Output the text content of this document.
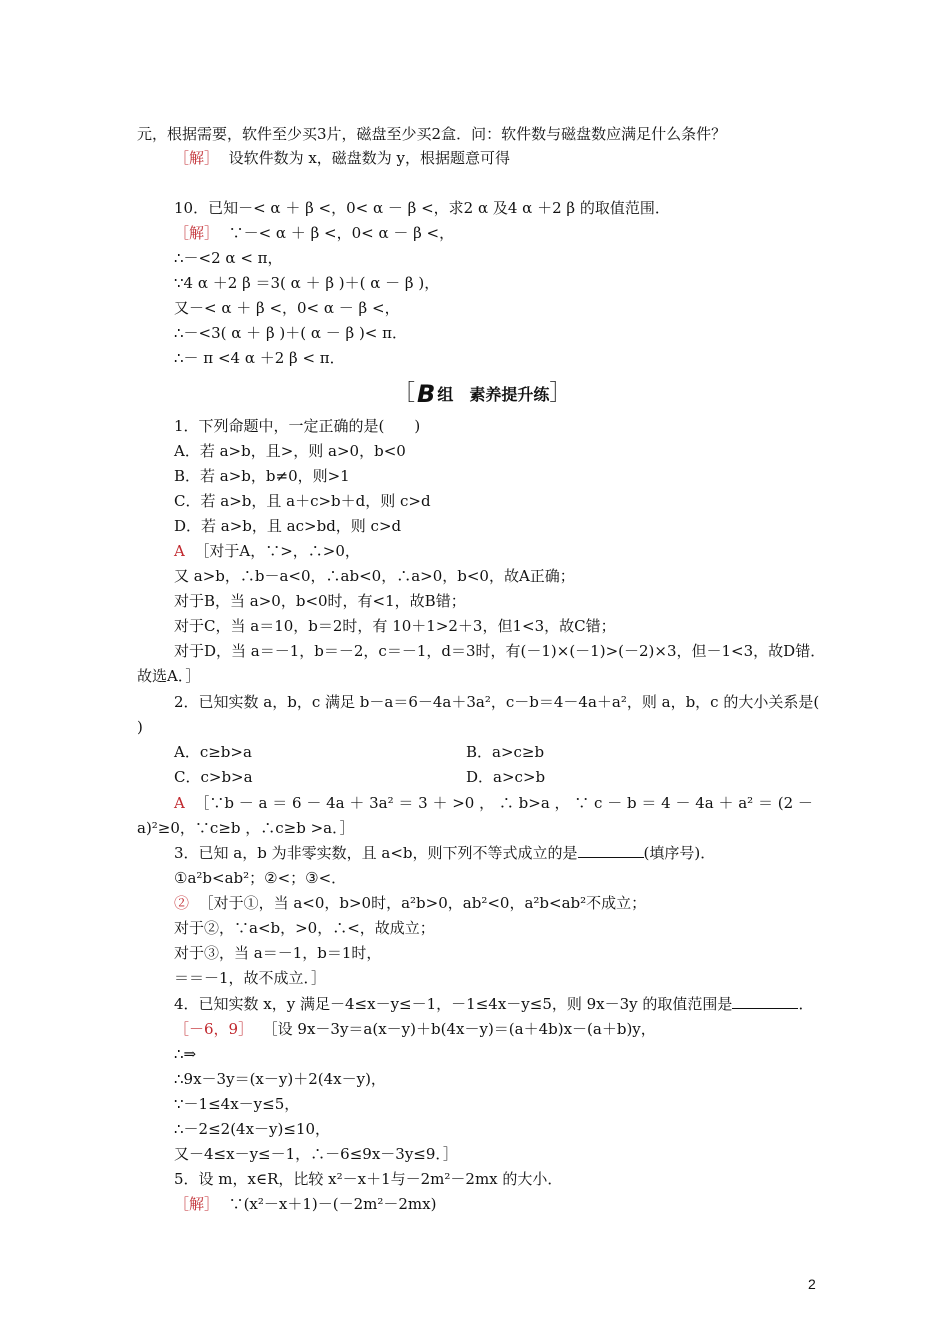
元，根据需要，软件至少买3片，磁盘至少买2盒．问：软件数与磁盘数应满足什么条件？
［解］ 设软件数为 x，磁盘数为 y，根据题意可得
10．已知－< α ＋ β <，0< α － β <，求2 α 及4 α ＋2 β 的取值范围．
［解］ ∵－< α ＋ β <，0< α － β <，
∴－<2 α < π，
∵4 α ＋2 β ＝3( α ＋ β )＋( α － β )，
又－< α ＋ β <，0< α － β <，
∴－<3( α ＋ β )＋( α － β )< π．
∴－ π <4 α ＋2 β < π．
［B 组　素养提升练］
1．下列命题中，一定正确的是(　　)
A．若 a>b，且>，则 a>0，b<0
B．若 a>b，b≠0，则>1
C．若 a>b，且 a＋c>b＋d，则 c>d
D．若 a>b，且 ac>bd，则 c>d
A ［对于A，∵>，∴>0，
又 a>b，∴b－a<0，∴ab<0，∴a>0，b<0，故A正确；
对于B，当 a>0，b<0时，有<1，故B错；
对于C，当 a＝10，b＝2时，有 10＋1>2＋3，但1<3，故C错；
对于D，当 a＝－1，b＝－2，c＝－1，d＝3时，有(－1)×(－1)>(－2)×3，但－1<3，故D错．
故选A．］
2．已知实数 a，b，c 满足 b－a＝6－4a＋3a²，c－b＝4－4a＋a²，则 a，b，c 的大小关系是(
)
A．c≥b>a	B．a>c≥b
C．c>b>a	D．a>c>b
A ［∵b － a ＝ 6 － 4a ＋ 3a² ＝ 3 ＋ >0 ， ∴ b>a ， ∵ c － b ＝ 4 － 4a ＋ a² ＝ (2 －
a)²≥0，∵c≥b ，∴c≥b >a．］
3．已知 a，b 为非零实数，且 a<b，则下列不等式成立的是	(填序号)．
①a²b<ab²；②<；③<．
② ［对于①，当 a<0，b>0时，a²b>0，ab²<0，a²b<ab²不成立；
对于②，∵a<b，>0，∴<，故成立；
对于③，当 a＝－1，b＝1时，
＝＝－1，故不成立．］
4．已知实数 x，y 满足－4≤x－y≤－1，－1≤4x－y≤5，则 9x－3y 的取值范围是	．
［－6，9］ ［设 9x－3y＝a(x－y)＋b(4x－y)＝(a＋4b)x－(a＋b)y，
∴⇒
∴9x－3y＝(x－y)＋2(4x－y)，
∵－1≤4x－y≤5，
∴－2≤2(4x－y)≤10，
又－4≤x－y≤－1，∴－6≤9x－3y≤9．］
5．设 m，x∈R，比较 x²－x＋1与－2m²－2mx 的大小．
［解］ ∵(x²－x＋1)－(－2m²－2mx)
2
